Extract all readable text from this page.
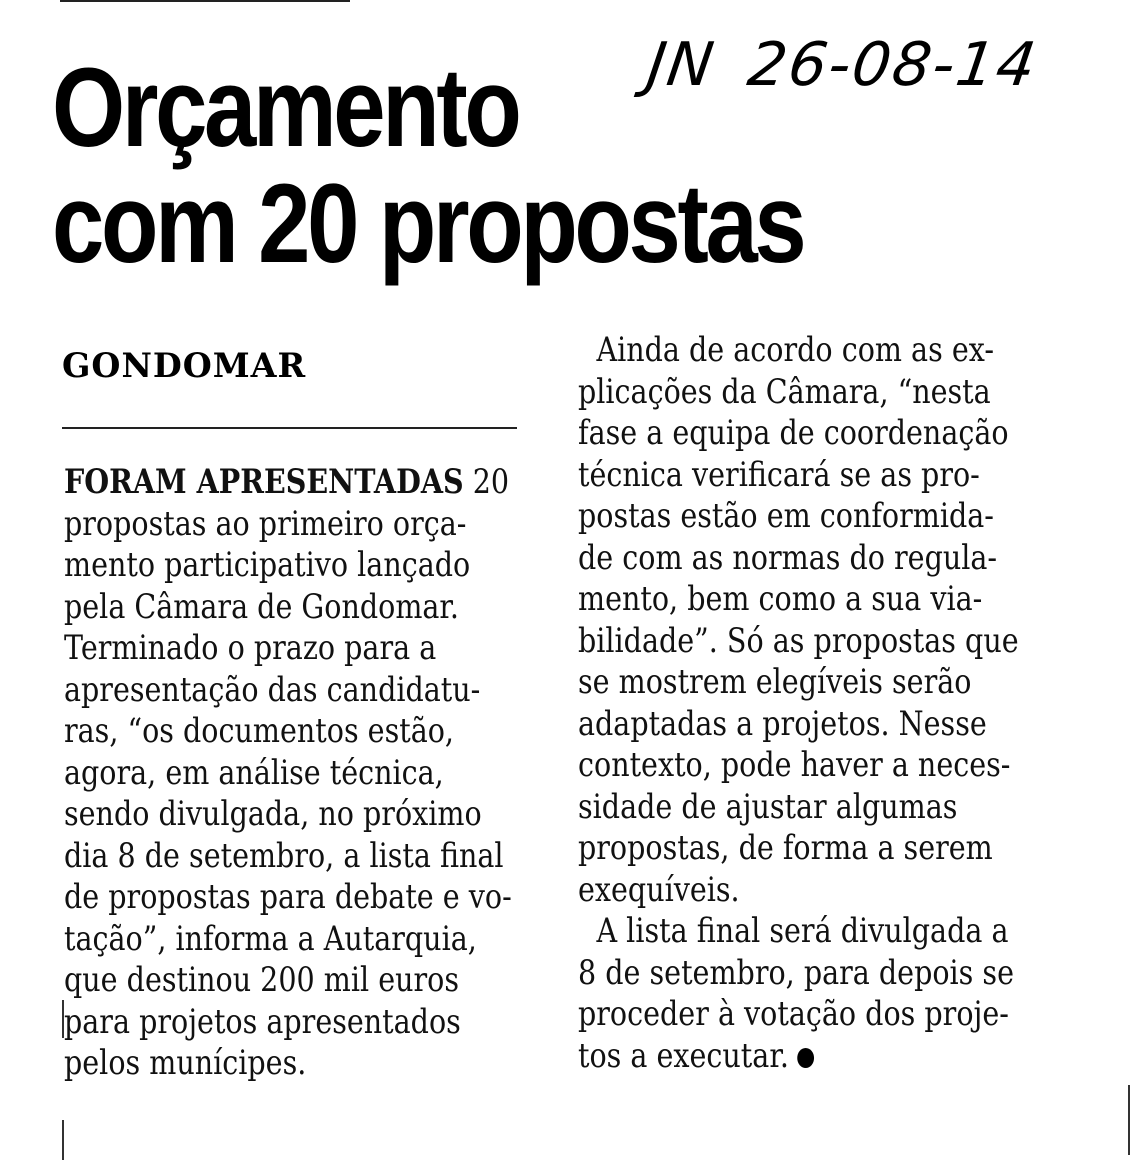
Orçamento
com 20 propostas
JN 26-08-14
GONDOMAR
FORAM APRESENTADAS 20
propostas ao primeiro orça-
mento participativo lançado
pela Câmara de Gondomar.
Terminado o prazo para a
apresentação das candidatu-
ras, “os documentos estão,
agora, em análise técnica,
sendo divulgada, no próximo
dia 8 de setembro, a lista final
de propostas para debate e vo-
tação”, informa a Autarquia,
que destinou 200 mil euros
para projetos apresentados
pelos munícipes.
Ainda de acordo com as ex-
plicações da Câmara, “nesta
fase a equipa de coordenação
técnica verificará se as pro-
postas estão em conformida-
de com as normas do regula-
mento, bem como a sua via-
bilidade”. Só as propostas que
se mostrem elegíveis serão
adaptadas a projetos. Nesse
contexto, pode haver a neces-
sidade de ajustar algumas
propostas, de forma a serem
exequíveis.
A lista final será divulgada a
8 de setembro, para depois se
proceder à votação dos proje-
tos a executar.
